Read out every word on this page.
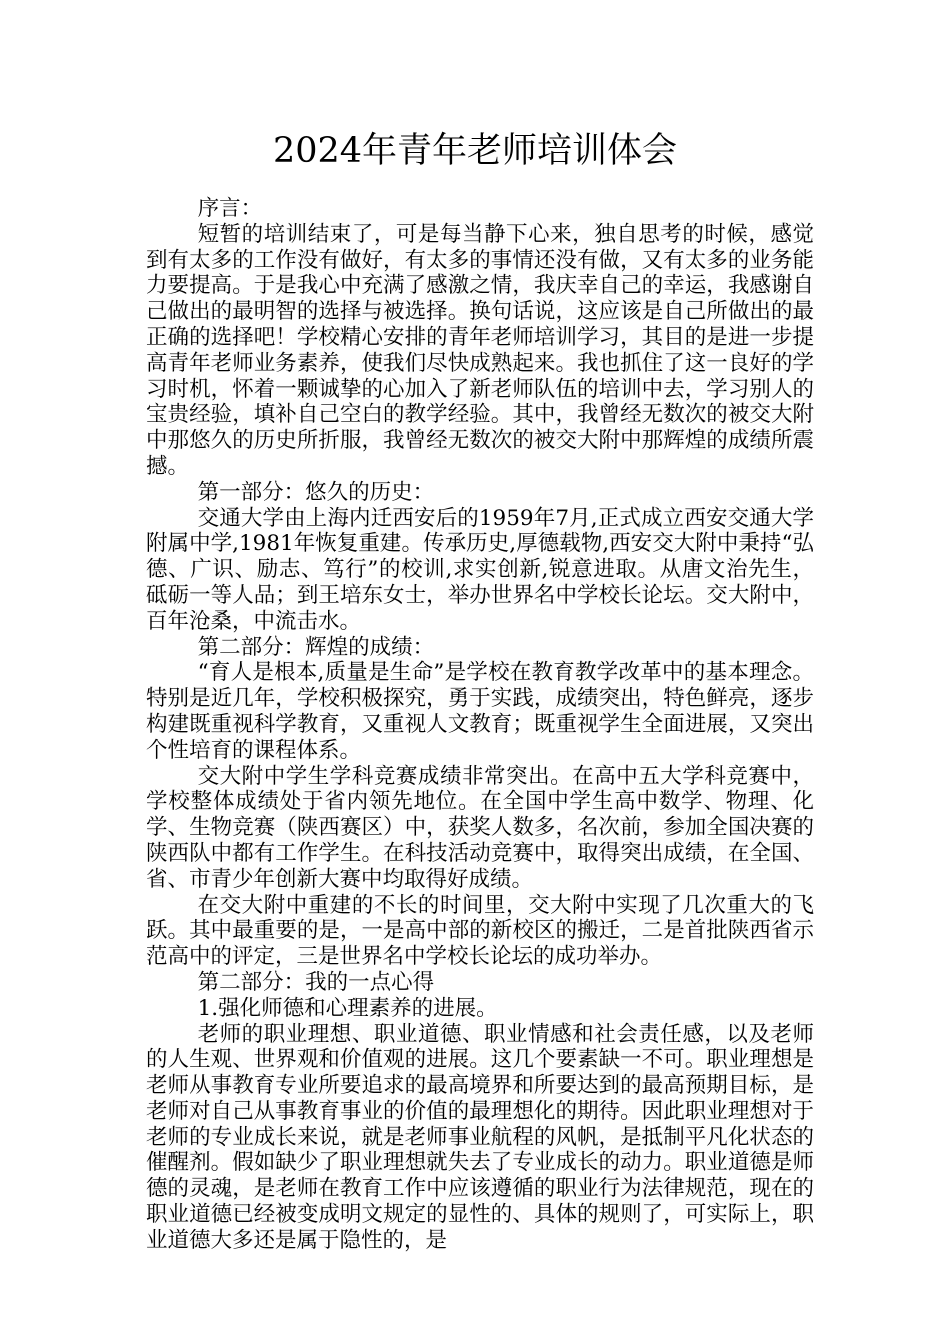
2024年青年老师培训体会

序言：

短暂的培训结束了，可是每当静下心来，独自思考的时候，感觉到有太多的工作没有做好，有太多的事情还没有做，又有太多的业务能力要提高。于是我心中充满了感激之情，我庆幸自己的幸运，我感谢自己做出的最明智的选择与被选择。换句话说，这应该是自己所做出的最正确的选择吧！学校精心安排的青年老师培训学习，其目的是进一步提高青年老师业务素养，使我们尽快成熟起来。我也抓住了这一良好的学习时机，怀着一颗诚挚的心加入了新老师队伍的培训中去，学习别人的宝贵经验，填补自己空白的教学经验。其中，我曾经无数次的被交大附中那悠久的历史所折服，我曾经无数次的被交大附中那辉煌的成绩所震撼。

第一部分：悠久的历史：

交通大学由上海内迁西安后的1959年7月,正式成立西安交通大学附属中学,1981年恢复重建。传承历史,厚德载物,西安交大附中秉持“弘德、广识、励志、笃行”的校训,求实创新,锐意进取。从唐文治先生，砥砺一等人品；到王培东女士，举办世界名中学校长论坛。交大附中，百年沧桑，中流击水。

第二部分：辉煌的成绩：

“育人是根本,质量是生命”是学校在教育教学改革中的基本理念。特别是近几年，学校积极探究，勇于实践，成绩突出，特色鲜亮，逐步构建既重视科学教育，又重视人文教育；既重视学生全面进展，又突出个性培育的课程体系。

交大附中学生学科竞赛成绩非常突出。在高中五大学科竞赛中，学校整体成绩处于省内领先地位。在全国中学生高中数学、物理、化学、生物竞赛（陕西赛区）中，获奖人数多，名次前，参加全国决赛的陕西队中都有工作学生。在科技活动竞赛中，取得突出成绩，在全国、省、市青少年创新大赛中均取得好成绩。

在交大附中重建的不长的时间里，交大附中实现了几次重大的飞跃。其中最重要的是，一是高中部的新校区的搬迁，二是首批陕西省示范高中的评定，三是世界名中学校长论坛的成功举办。

第二部分：我的一点心得

1.强化师德和心理素养的进展。

老师的职业理想、职业道德、职业情感和社会责任感，以及老师的人生观、世界观和价值观的进展。这几个要素缺一不可。职业理想是老师从事教育专业所要追求的最高境界和所要达到的最高预期目标，是老师对自己从事教育事业的价值的最理想化的期待。因此职业理想对于老师的专业成长来说，就是老师事业航程的风帆，是抵制平凡化状态的催醒剂。假如缺少了职业理想就失去了专业成长的动力。职业道德是师德的灵魂，是老师在教育工作中应该遵循的职业行为法律规范，现在的职业道德已经被变成明文规定的显性的、具体的规则了，可实际上，职业道德大多还是属于隐性的，是
